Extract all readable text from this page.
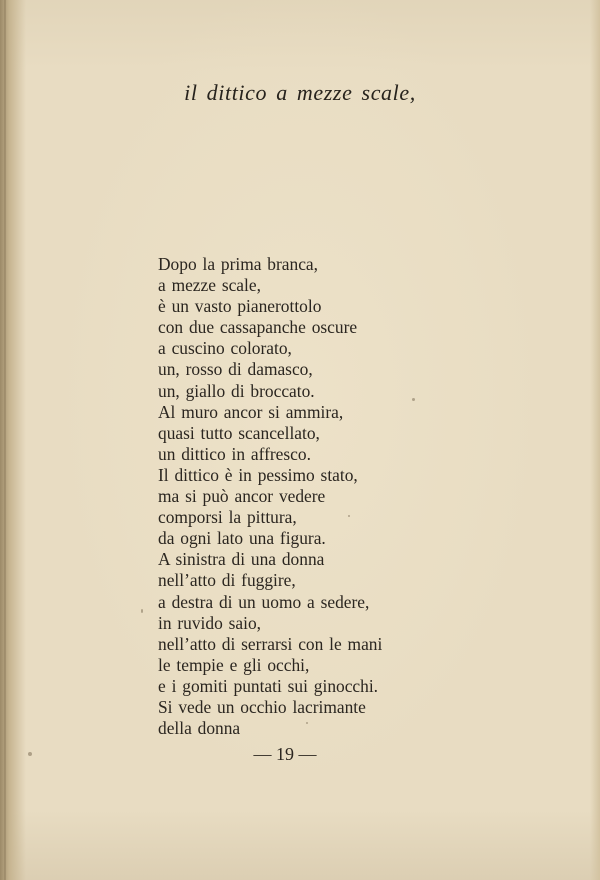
il dittico a mezze scale,
Dopo la prima branca,
a mezze scale,
è un vasto pianerottolo
con due cassapanche oscure
a cuscino colorato,
un, rosso di damasco,
un, giallo di broccato.
Al muro ancor si ammira,
quasi tutto scancellato,
un dittico in affresco.
Il dittico è in pessimo stato,
ma si può ancor vedere
comporsi la pittura,
da ogni lato una figura.
A sinistra di una donna
nell’atto di fuggire,
a destra di un uomo a sedere,
in ruvido saio,
nell’atto di serrarsi con le mani
le tempie e gli occhi,
e i gomiti puntati sui ginocchi.
Si vede un occhio lacrimante
della donna
— 19 —
